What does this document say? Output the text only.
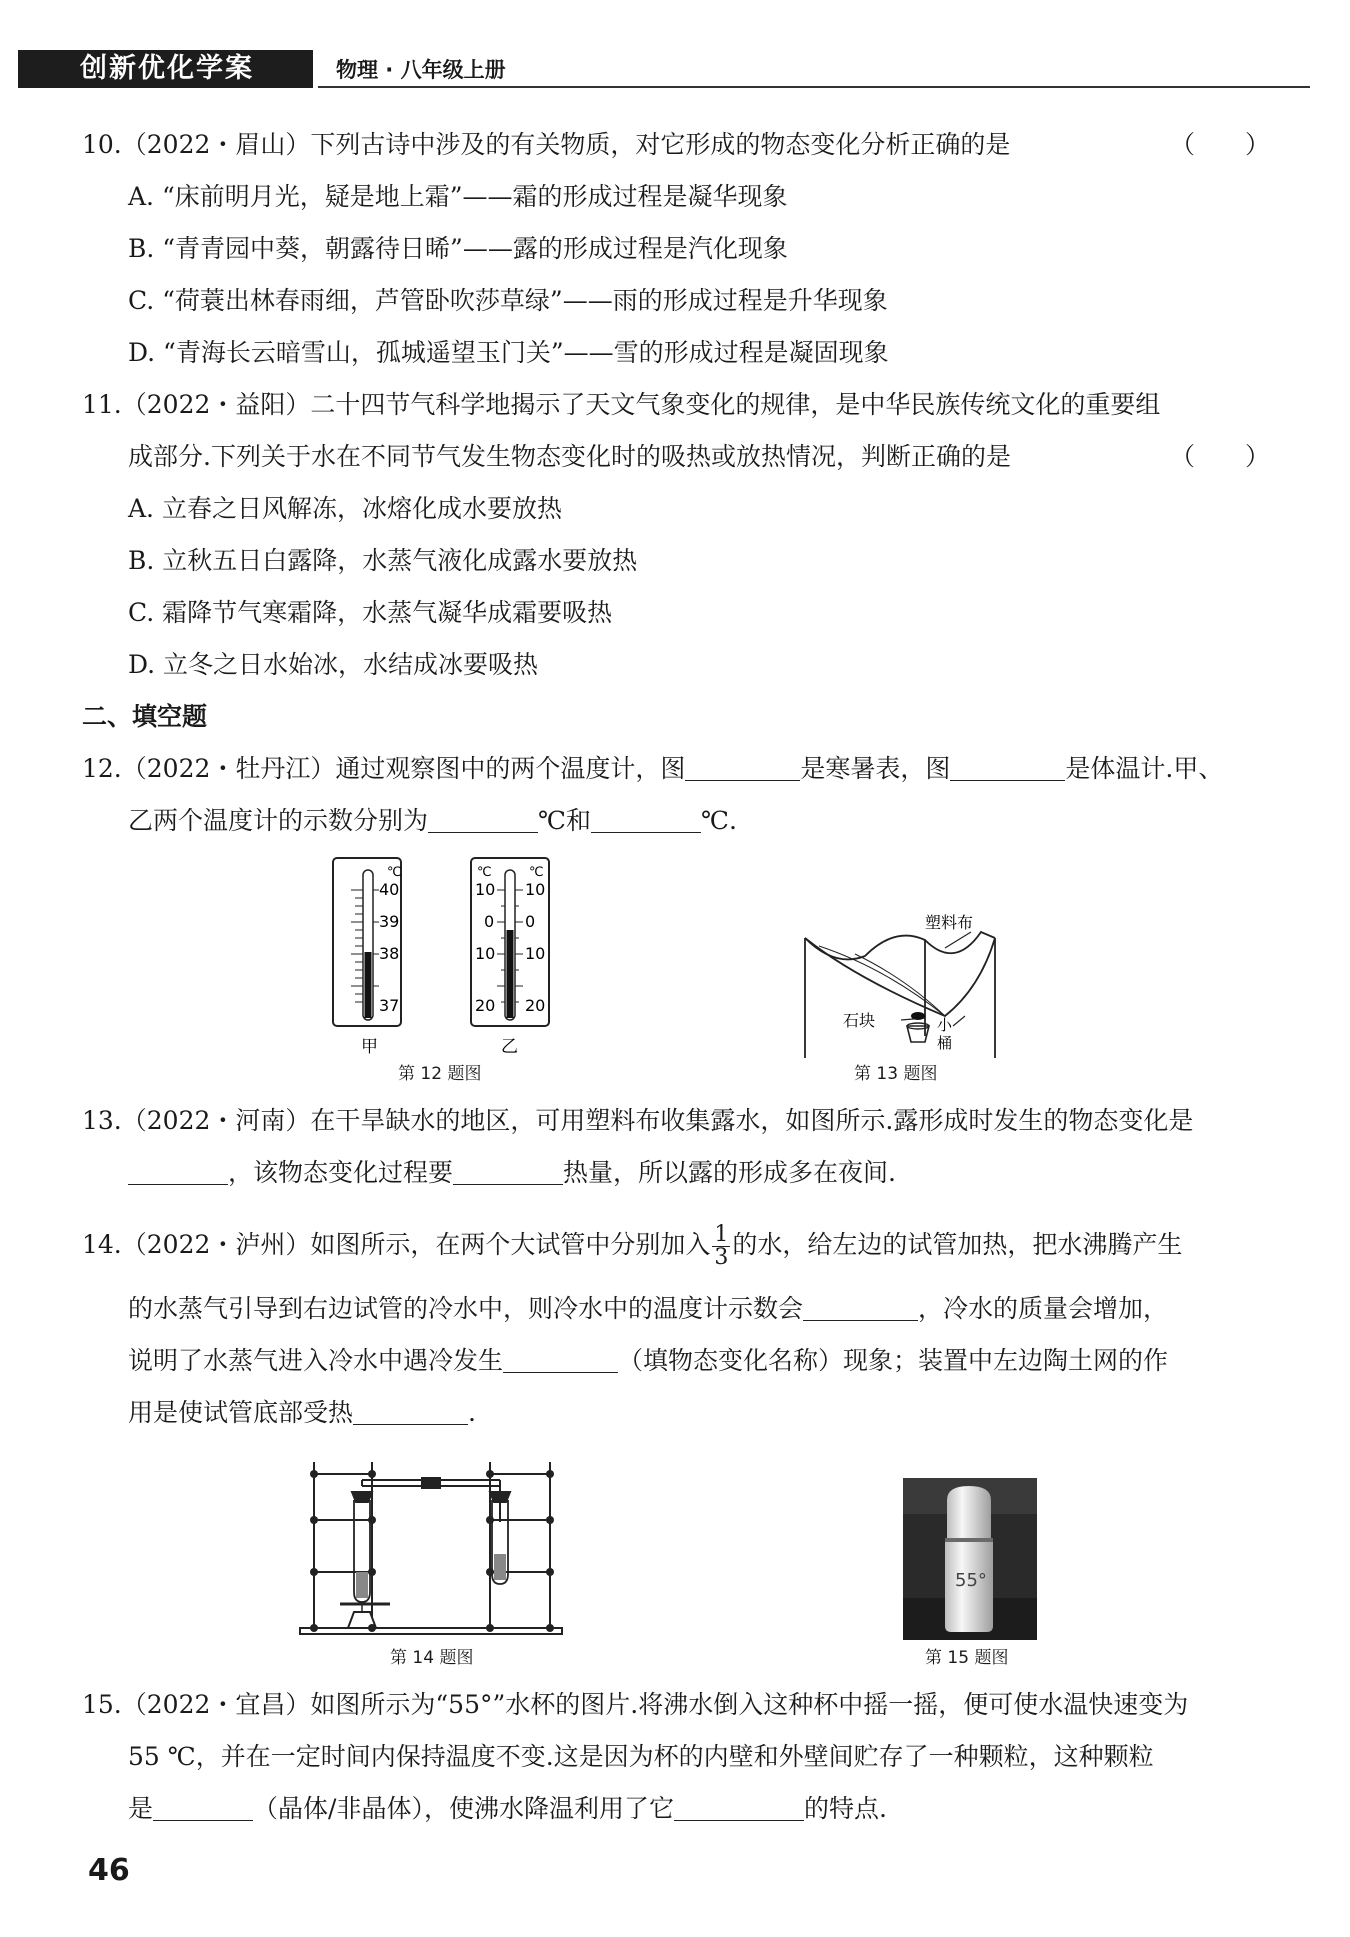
创新优化学案	物理 · 八年级上册
10.（2022・眉山）下列古诗中涉及的有关物质，对它形成的物态变化分析正确的是	（　　）
A. “床前明月光，疑是地上霜”——霜的形成过程是凝华现象
B. “青青园中葵，朝露待日晞”——露的形成过程是汽化现象
C. “荷蓑出林春雨细，芦管卧吹莎草绿”——雨的形成过程是升华现象
D. “青海长云暗雪山，孤城遥望玉门关”——雪的形成过程是凝固现象
11.（2022・益阳）二十四节气科学地揭示了天文气象变化的规律，是中华民族传统文化的重要组
成部分.下列关于水在不同节气发生物态变化时的吸热或放热情况，判断正确的是	（　　）
A. 立春之日风解冻，冰熔化成水要放热
B. 立秋五日白露降，水蒸气液化成露水要放热
C. 霜降节气寒霜降，水蒸气凝华成霜要吸热
D. 立冬之日水始冰，水结成冰要吸热
二、填空题
12.（2022・牡丹江）通过观察图中的两个温度计，图	是寒暑表，图	是体温计.甲、
乙两个温度计的示数分别为	℃和	℃.
℃
40
39
38
37
甲
℃	℃
10
0
10
20
10
0
10
20
乙
第 12 题图
塑料布
石块	小
桶
第 13 题图
13.（2022・河南）在干旱缺水的地区，可用塑料布收集露水，如图所示.露形成时发生的物态变化是
，该物态变化过程要	热量，所以露的形成多在夜间.
14.（2022・泸州）如图所示，在两个大试管中分别加入 $\frac{1}{3}$ 的水，给左边的试管加热，把水沸腾产生
的水蒸气引导到右边试管的冷水中，则冷水中的温度计示数会	，冷水的质量会增加，
说明了水蒸气进入冷水中遇冷发生	（填物态变化名称）现象；装置中左边陶土网的作
用是使试管底部受热	.
第 14 题图
55°
第 15 题图
15.（2022・宜昌）如图所示为“55°”水杯的图片.将沸水倒入这种杯中摇一摇，便可使水温快速变为
55 ℃，并在一定时间内保持温度不变.这是因为杯的内壁和外壁间贮存了一种颗粒，这种颗粒
是	（晶体/非晶体），使沸水降温利用了它	的特点.
46
